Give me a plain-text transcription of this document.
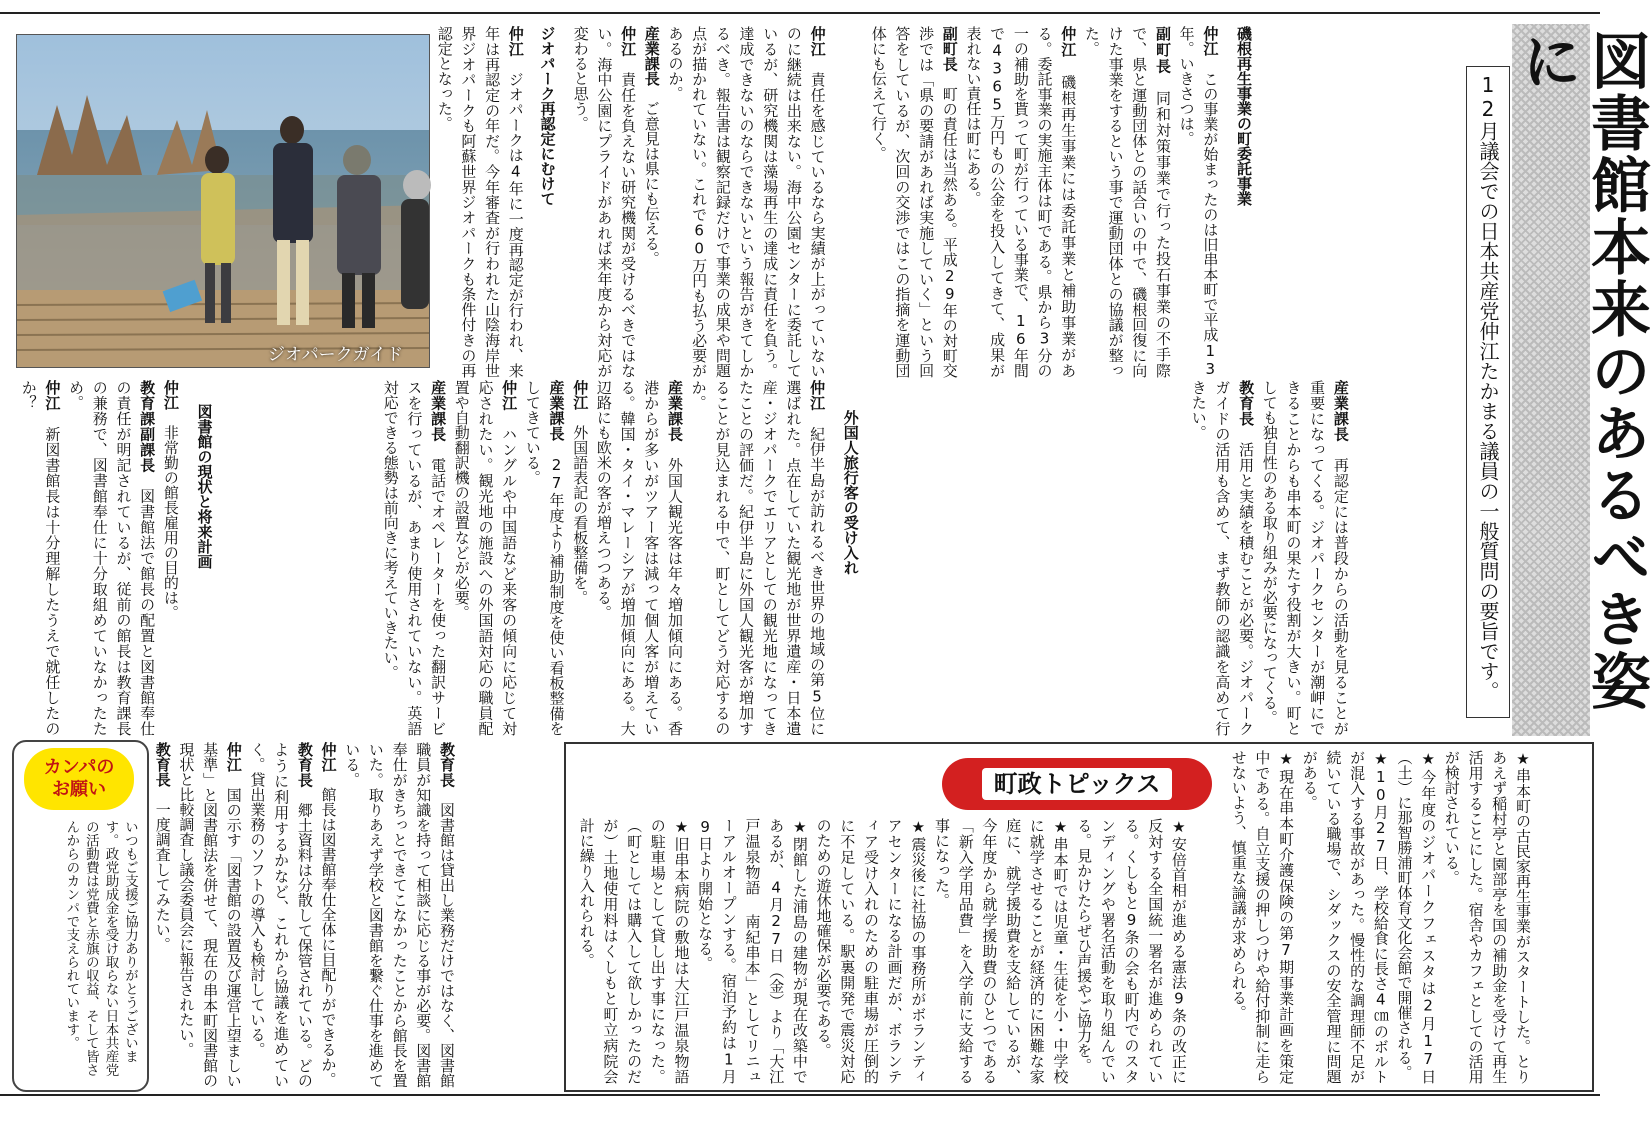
図書館本来のあるべき姿に
12月議会での日本共産党仲江たかまる議員の一般質問の要旨です。

磯根再生事業の町委託事業

仲江　この事業が始まったのは旧串本町で平成13年。いきさつは。

副町長　同和対策事業で行った投石事業の不手際で、県と運動団体との話合いの中で、磯根回復に向けた事業をするという事で運動団体との協議が整った。

仲江　磯根再生事業には委託事業と補助事業がある。委託事業の実施主体は町である。県から3分の一の補助を貰って町が行っている事業で、16年間で4365万円もの公金を投入してきて、成果が表れない責任は町にある。

副町長　町の責任は当然ある。平成29年の対町交渉では「県の要請があれば実施していく」という回答をしているが、次回の交渉ではこの指摘を運動団体にも伝えて行く。

仲江　責任を感じているなら実績が上がっていないのに継続は出来ない。海中公園センターに委託しているが、研究機関は藻場再生の達成に責任を負う。達成できないのならできないという報告がきてしかるべき。報告書は観察記録だけで事業の成果や問題点が描かれていない。これで60万円も払う必要があるのか。

産業課長　ご意見は県にも伝える。

仲江　責任を負えない研究機関が受けるべきではない。海中公園にプライドがあれば来年度から対応が変わると思う。

ジオパーク再認定にむけて

仲江　ジオパークは4年に一度再認定が行われ、来年は再認定の年だ。今年審査が行われた山陰海岸世界ジオパークも阿蘇世界ジオパークも条件付きの再認定となった。

産業課長　再認定には普段からの活動を見ることが重要になってくる。ジオパークセンターが潮岬にできることからも串本町の果たす役割が大きい。町としても独自性のある取り組みが必要になってくる。

教育長　活用と実績を積むことが必要。ジオパークガイドの活用も含めて、まず教師の認識を高めて行きたい。

ジオパークガイド

外国人旅行客の受け入れ

仲江　紀伊半島が訪れるべき世界の地域の第5位に選ばれた。点在していた観光地が世界遺産・日本遺産・ジオパークでエリアとしての観光地になってきたことの評価だ。紀伊半島に外国人観光客が増加することが見込まれる中で、町としてどう対応するのか。

産業課長　外国人観光客は年々増加傾向にある。香港からが多いがツアー客は減って個人客が増えている。韓国・タイ・マレーシアが増加傾向にある。大辺路にも欧米の客が増えつつある。

仲江　外国語表記の看板整備を。

産業課長　27年度より補助制度を使い看板整備をしてきている。

仲江　ハングルや中国語など来客の傾向に応じて対応されたい。観光地の施設への外国語対応の職員配置や自動翻訳機の設置などが必要。

産業課長　電話でオペレーターを使った翻訳サービスを行っているが、あまり使用されていない。英語対応できる態勢は前向きに考えていきたい。

図書館の現状と将来計画

仲江　非常勤の館長雇用の目的は。

教育課副課長　図書館法で館長の配置と図書館奉仕の責任が明記されているが、従前の館長は教育課長の兼務で、図書館奉仕に十分取組めていなかったため。

仲江　新図書館長は十分理解したうえで就任したのか？

教育長　図書館は貸出し業務だけではなく、図書館職員が知識を持って相談に応じる事が必要。図書館奉仕がきちっとできてこなかったことから館長を置いた。取りあえず学校と図書館を繋ぐ仕事を進めている。

仲江　館長は図書館奉仕全体に目配りができるか。

教育長　郷土資料は分散して保管されている。どのように利用するかなど、これから協議を進めていく。貸出業務のソフトの導入も検討している。

仲江　国の示す「図書館の設置及び運営上望ましい基準」と図書館法を併せて、現在の串本町図書館の現状と比較調査し議会委員会に報告されたい。

教育長　一度調査してみたい。

カンパの
お願い
いつもご支援ご協力ありがとうございます。政党助成金を受け取らない日本共産党の活動費は党費と赤旗の収益、そして皆さんからのカンパで支えられています。	★串本町の古民家再生事業がスタートした。とりあえず稲村亭と園部亭を国の補助金を受けて再生活用することにした。宿舎やカフェとしての活用が検討されている。

★今年度のジオパークフェスタは2月17日（土）に那智勝浦町体育文化会館で開催される。

★10月27日、学校給食に長さ4㎝のボルトが混入する事故があった。慢性的な調理師不足が続いている職場で、シダックスの安全管理に問題がある。

★現在串本町介護保険の第7期事業計画を策定中である。自立支援の押しつけや給付抑制に走らせないよう、慎重な論議が求められる。

町政トピックス

★安倍首相が進める憲法9条の改正に反対する全国統一署名が進められている。くしもと9条の会も町内でのスタンディングや署名活動を取り組んでいる。見かけたらぜひ声援やご協力を。

★串本町では児童・生徒を小・中学校に就学させることが経済的に困難な家庭に、就学援助費を支給しているが、今年度から就学援助費のひとつである「新入学用品費」を入学前に支給する事になった。

★震災後に社協の事務所がボランティアセンターになる計画だが、ボランティア受け入れのための駐車場が圧倒的に不足している。駅裏開発で震災対応のための遊休地確保が必要である。

★閉館した浦島の建物が現在改築中であるが、4月27日（金）より「大江戸温泉物語 南紀串本」としてリニューアルオープンする。宿泊予約は1月9日より開始となる。

★旧串本病院の敷地は大江戸温泉物語の駐車場として貸し出す事になった。（町としては購入して欲しかったのだが）土地使用料はくしもと町立病院会計に繰り入れられる。
